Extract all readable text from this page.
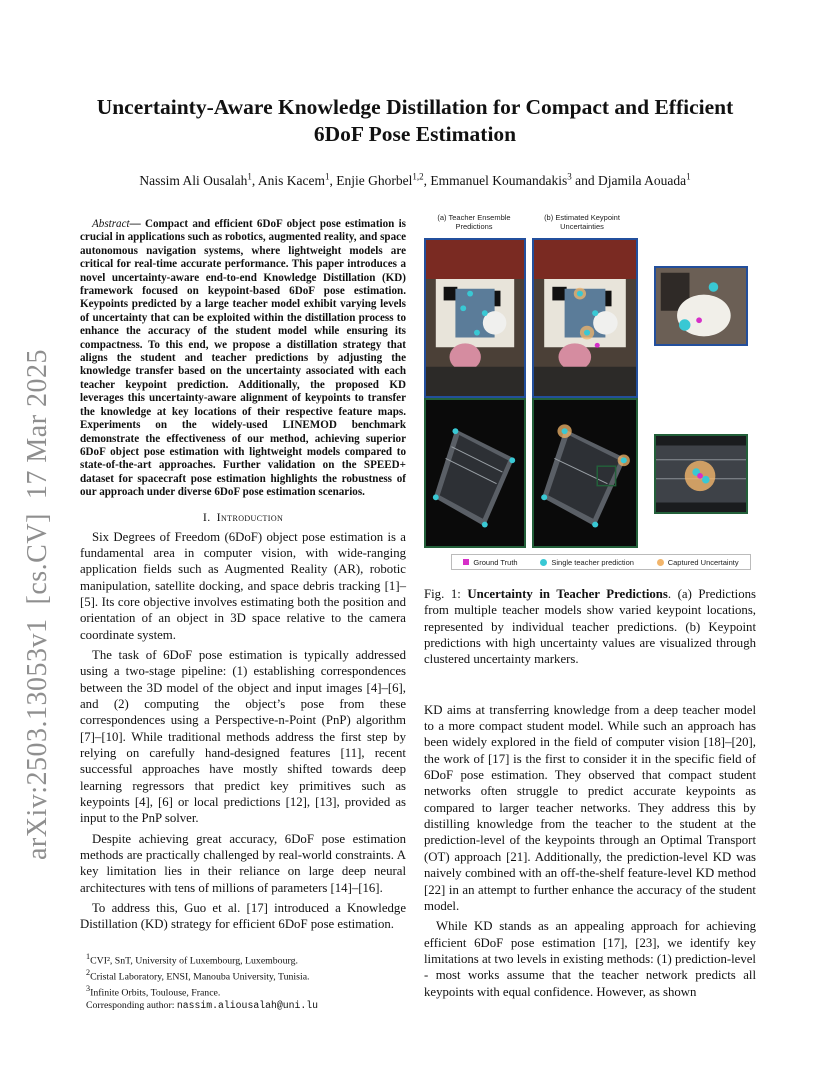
arXiv:2503.13053v1[cs.CV]17 Mar 2025
Uncertainty-Aware Knowledge Distillation for Compact and Efficient
6DoF Pose Estimation
Nassim Ali Ousalah$^1$, Anis Kacem$^1$, Enjie Ghorbel$^{1,2}$, Emmanuel Koumandakis$^3$ and Djamila Aouada$^1$

Abstract— Compact and efficient 6DoF object pose estimation is crucial in applications such as robotics, augmented reality, and space autonomous navigation systems, where lightweight models are critical for real-time accurate performance. This paper introduces a novel uncertainty-aware end-to-end Knowledge Distillation (KD) framework focused on keypoint-based 6DoF pose estimation. Keypoints predicted by a large teacher model exhibit varying levels of uncertainty that can be exploited within the distillation process to enhance the accuracy of the student model while ensuring its compactness. To this end, we propose a distillation strategy that aligns the student and teacher predictions by adjusting the knowledge transfer based on the uncertainty associated with each teacher keypoint prediction. Additionally, the proposed KD leverages this uncertainty-aware alignment of keypoints to transfer the knowledge at key locations of their respective feature maps. Experiments on the widely-used LINEMOD benchmark demonstrate the effectiveness of our method, achieving superior 6DoF object pose estimation with lightweight models compared to state-of-the-art approaches. Further validation on the SPEED+ dataset for spacecraft pose estimation highlights the robustness of our approach under diverse 6DoF pose estimation scenarios.

I. Introduction

Six Degrees of Freedom (6DoF) object pose estimation is a fundamental area in computer vision, with wide-ranging application fields such as Augmented Reality (AR), robotic manipulation, satellite docking, and space debris tracking [1]–[5]. Its core objective involves estimating both the position and orientation of an object in 3D space relative to the camera coordinate system.

The task of 6DoF pose estimation is typically addressed using a two-stage pipeline: (1) establishing correspondences between the 3D model of the object and input images [4]–[6], and (2) computing the object’s pose from these correspondences using a Perspective-n-Point (PnP) algorithm [7]–[10]. While traditional methods address the first step by relying on carefully hand-designed features [11], recent successful approaches have mostly shifted towards deep learning regressors that predict key primitives such as keypoints [4], [6] or local predictions [12], [13], provided as input to the PnP solver.

Despite achieving great accuracy, 6DoF pose estimation methods are practically challenged by real-world constraints. A key limitation lies in their reliance on large deep neural architectures with tens of millions of parameters [14]–[16].

To address this, Guo et al. [17] introduced a Knowledge Distillation (KD) strategy for efficient 6DoF pose estimation.

$^1$CVI², SnT, University of Luxembourg, Luxembourg.

$^2$Cristal Laboratory, ENSI, Manouba University, Tunisia.

$^3$Infinite Orbits, Toulouse, France.

Corresponding author: nassim.aliousalah@uni.lu

(a) Teacher Ensemble Predictions
(b) Estimated Keypoint Uncertainties
Ground Truth	Single teacher prediction	Captured Uncertainty

Fig. 1: Uncertainty in Teacher Predictions. (a) Predictions from multiple teacher models show varied keypoint locations, represented by individual teacher predictions. (b) Keypoint predictions with high uncertainty values are visualized through clustered uncertainty markers.

KD aims at transferring knowledge from a deep teacher model to a more compact student model. While such an approach has been widely explored in the field of computer vision [18]–[20], the work of [17] is the first to consider it in the specific field of 6DoF pose estimation. They observed that compact student networks often struggle to predict accurate keypoints as compared to larger teacher networks. They address this by distilling knowledge from the teacher to the student at the prediction-level of the keypoints through an Optimal Transport (OT) approach [21]. Additionally, the prediction-level KD was naively combined with an off-the-shelf feature-level KD method [22] in an attempt to further enhance the accuracy of the student model.

While KD stands as an appealing approach for achieving efficient 6DoF pose estimation [17], [23], we identify key limitations at two levels in existing methods: (1) prediction-level - most works assume that the teacher network predicts all keypoints with equal confidence. However, as shown
